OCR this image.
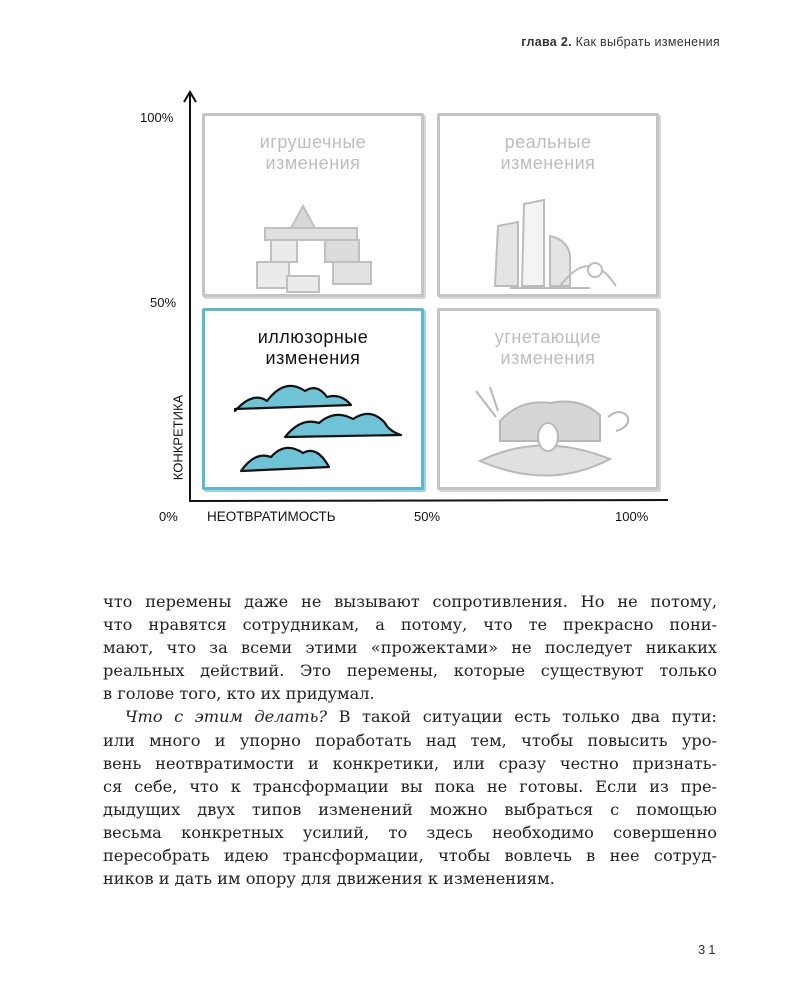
глава 2. Как выбрать изменения
100%
50%
0% НЕОТВРАТИМОСТЬ	50%	100%
КОНКРЕТИКА
игрушечные
изменения
реальные
изменения
иллюзорные
изменения
угнетающие
изменения
что перемены даже не вызывают сопротивления. Но не потому,
что нравятся сотрудникам, а потому, что те прекрасно пони-
мают, что за всеми этими «прожектами» не последует никаких
реальных действий. Это перемены, которые существуют только
в голове того, кто их придумал.
Что с этим делать? В такой ситуации есть только два пути:
или много и упорно поработать над тем, чтобы повысить уро-
вень неотвратимости и конкретики, или сразу честно признать-
ся себе, что к трансформации вы пока не готовы. Если из пре-
дыдущих двух типов изменений можно выбраться с помощью
весьма конкретных усилий, то здесь необходимо совершенно
пересобрать идею трансформации, чтобы вовлечь в нее сотруд-
ников и дать им опору для движения к изменениям.
31
